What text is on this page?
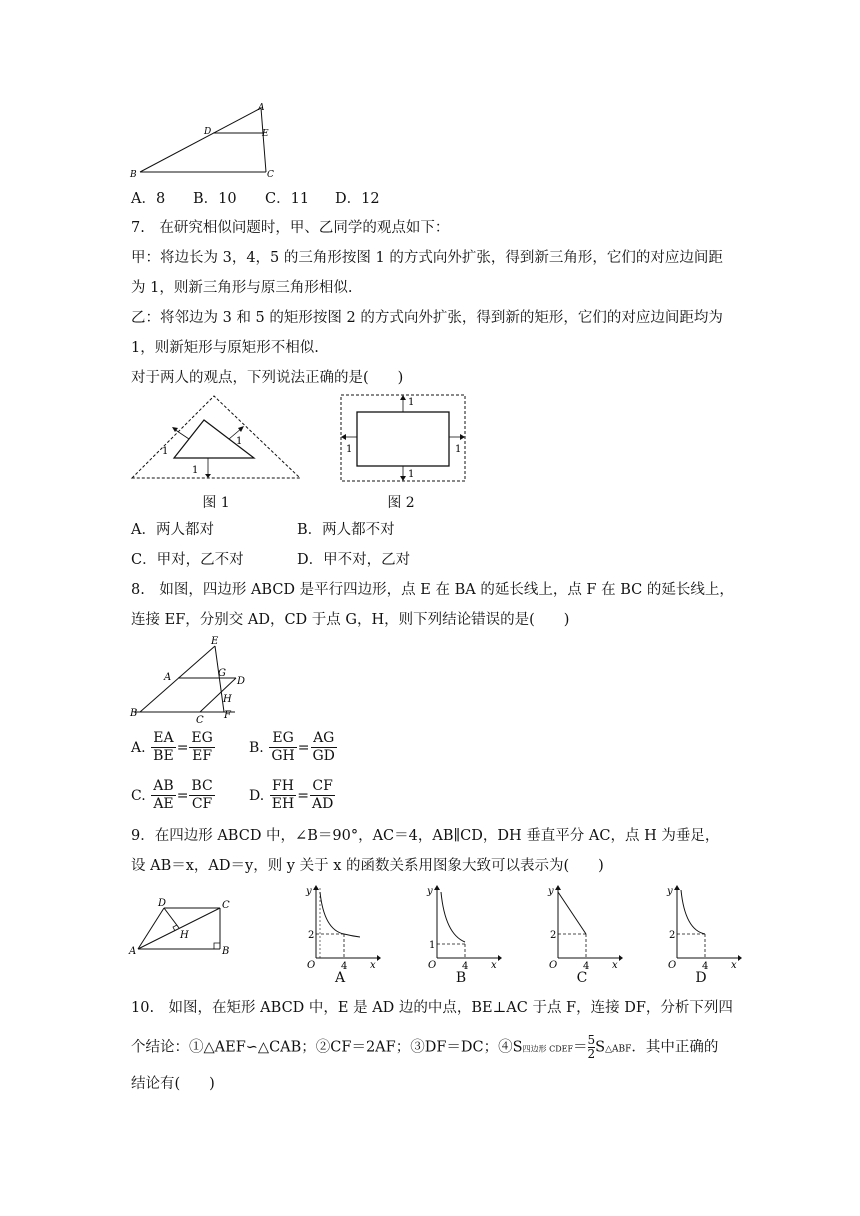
A
D	E
B	C
A．8 B．10 C．11 D．12
7.　在研究相似问题时，甲、乙同学的观点如下：
甲：将边长为 3，4，5 的三角形按图 1 的方式向外扩张，得到新三角形，它们的对应边间距
为 1，则新三角形与原三角形相似.
乙：将邻边为 3 和 5 的矩形按图 2 的方式向外扩张，得到新的矩形，它们的对应边间距均为
1，则新矩形与原矩形不相似.
对于两人的观点，下列说法正确的是(　　)
1
1
1
图 1
1
1
1	1
图 2
A．两人都对	B．两人都不对
C．甲对，乙不对	D．甲不对，乙对
8.　如图，四边形 ABCD 是平行四边形，点 E 在 BA 的延长线上，点 F 在 BC 的延长线上，
连接 EF，分别交 AD，CD 于点 G，H，则下列结论错误的是(　　)
E
A	G
D
H
B
C F
A. $\frac{EA}{BE} = \frac{EG}{EF} B$. $\frac{EG}{GH} = \frac{AG}{GD}$
C. $\frac{AB}{AE} = \frac{BC}{CF} D$. $\frac{FH}{EH} = \frac{CF}{AD}$
9．在四边形 ABCD 中，∠B＝90°，AC＝4，AB∥CD，DH 垂直平分 AC，点 H 为垂足，
设 AB＝x，AD＝y，则 y 关于 x 的函数关系用图象大致可以表示为(　　)
D	C
H
A	B
2
4
O
y
x
A
1
4
O
y
x
B
2
4
O
y
x
C
2
4
O
y
x
D
10.　如图，在矩形 ABCD 中，E 是 AD 边的中点，BE⊥AC 于点 F，连接 DF，分析下列四
个结论：①△AEF∽△CAB；②CF＝2AF；③DF＝DC；④S四边形 CDEF＝ $\frac{5}{2}$ S△ABF．其中正确的
结论有(　　)
